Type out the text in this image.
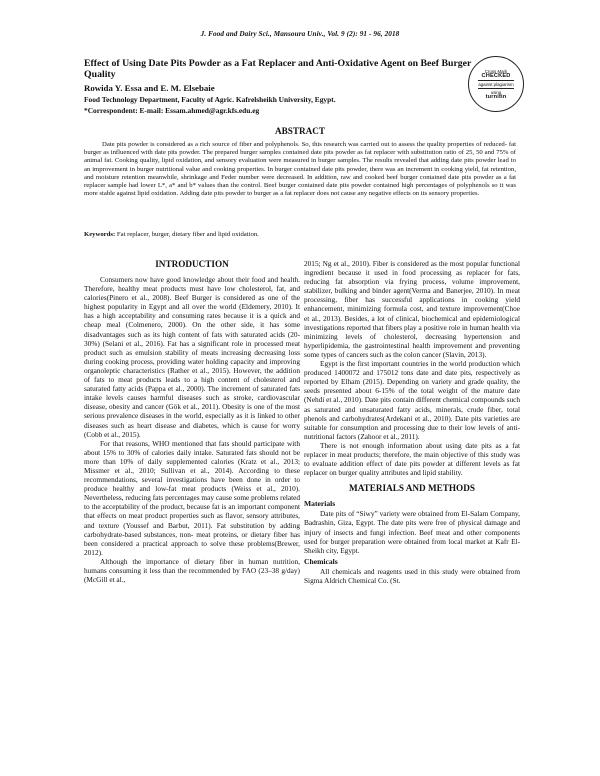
J. Food and Dairy Sci., Mansoura Univ., Vol. 9 (2): 91 - 96, 2018
Effect of Using Date Pits Powder as a Fat Replacer and Anti-Oxidative Agent on Beef Burger Quality
Rowida Y. Essa and E. M. Elsebaie
Food Technology Department, Faculty of Agric. Kafrelsheikh University, Egypt.
*Correspondent: E-mail: Essam.ahmed@agr.kfs.edu.eg
Cross Mark
CHECKED
against plagiarism
using
turnitin
ABSTRACT

Date pits powder is considered as a rich source of fiber and polyphenols. So, this research was carried out to assess the quality properties of reduced- fat burger as influenced with date pits powder. The prepared burger samples contained date pits powder as fat replacer with substitution ratio of 25, 50 and 75% of animal fat. Cooking quality, lipid oxidation, and sensory evaluation were measured in burger samples. The results revealed that adding date pits powder lead to an improvement in burger nutritional value and cooking properties. In burger contained date pits powder, there was an increment in cooking yield, fat retention, and moisture retention meanwhile, shrinkage and Feder number were decreased. In addition, raw and cooked beef burger contained date pits powder as a fat replacer sample had lower L*, a* and b* values than the control. Beef burger contained date pits powder contained high percentages of polyphenols so it was more stable against lipid oxidation. Adding date pits powder to burger as a fat replacer does not cause any negative effects on its sensory properties.

Keywords: Fat replacer, burger, dietary fiber and lipid oxidation.
INTRODUCTION

Consumers now have good knowledge about their food and health. Therefore, healthy meat products must have low cholesterol, fat, and calories(Pinero et al., 2008). Beef Burger is considered as one of the highest popularity in Egypt and all over the world (Eldemery, 2010). It has a high acceptability and consuming rates because it is a quick and cheap meal (Colmenero, 2000). On the other side, it has some disadvantages such as its high content of fats with saturated acids (20-30%) (Selani et al., 2016). Fat has a significant role in processed meat product such as emulsion stability of meats increasing decreasing loss during cooking process, providing water holding capacity and improving organoleptic characteristics (Rather et al., 2015). However, the addition of fats to meat products leads to a high content of cholesterol and saturated fatty acids (Pappa et al., 2000). The increment of saturated fats intake levels causes harmful diseases such as stroke, cardiovascular disease, obesity and cancer (Gök et al., 2011). Obesity is one of the most serious prevalence diseases in the world, especially as it is linked to other diseases such as heart disease and diabetes, which is cause for worry (Cobb et al., 2015).

For that reasons, WHO mentioned that fats should participate with about 15% to 30% of calories daily intake. Saturated fats should not be more than 10% of daily supplemented calories (Kratz et al., 2013; Missmer et al., 2010; Sullivan et al., 2014). According to these recommendations, several investigations have been done in order to produce healthy and low-fat meat products (Weiss et al., 2010). Nevertheless, reducing fats percentages may cause some problems related to the acceptability of the product, because fat is an important component that effects on meat product properties such as flavor, sensory attributes, and texture (Youssef and Barbut, 2011). Fat substitution by adding carbohydrate-based substances, non- meat proteins, or dietary fiber has been considered a practical approach to solve these problems(Brewer, 2012).

Although the importance of dietary fiber in human nutrition, humans consuming it less than the recommended by FAO (23–38 g/day) (McGill et al.,

2015; Ng et al., 2010). Fiber is considered as the most popular functional ingredient because it used in food processing as replacer for fats, reducing fat absorption via frying process, volume improvement, stabilizer, bulking and binder agent(Verma and Banerjee, 2010). In meat processing, fiber has successful applications in cooking yield enhancement, minimizing formula cost, and texture improvement(Choe et al., 2013). Besides, a lot of clinical, biochemical and epidemiological investigations reported that fibers play a positive role in human health via minimizing levels of cholesterol, decreasing hypertension and hyperlipidemia, the gastrointestinal health improvement and preventing some types of cancers such as the colon cancer (Slavin, 2013).

Egypt is the first important countries in the world production which produced 1400072 and 175012 tons date and date pits, respectively as reported by Elham (2015). Depending on variety and grade quality, the seeds presented about 6-15% of the total weight of the mature date (Nehdi et al., 2010). Date pits contain different chemical compounds such as saturated and unsaturated fatty acids, minerals, crude fiber, total phenols and carbohydrates(Ardekani et al., 2010). Date pits varieties are suitable for consumption and processing due to their low levels of anti-nutritional factors (Zahoor et al., 2011).

There is not enough information about using date pits as a fat replacer in meat products; therefore, the main objective of this study was to evaluate addition effect of date pits powder at different levels as fat replacer on burger quality attributes and lipid stability.

MATERIALS AND METHODS
Materials

Date pits of “Siwy” variety were obtained from El-Salam Company, Badrashin, Giza, Egypt. The date pits were free of physical damage and injury of insects and fungi infection. Beef meat and other components used for burger preparation were obtained from local market at Kafr El-Sheikh city, Egypt.

Chemicals

All chemicals and reagents used in this study were obtained from Sigma Aldrich Chemical Co. (St.
